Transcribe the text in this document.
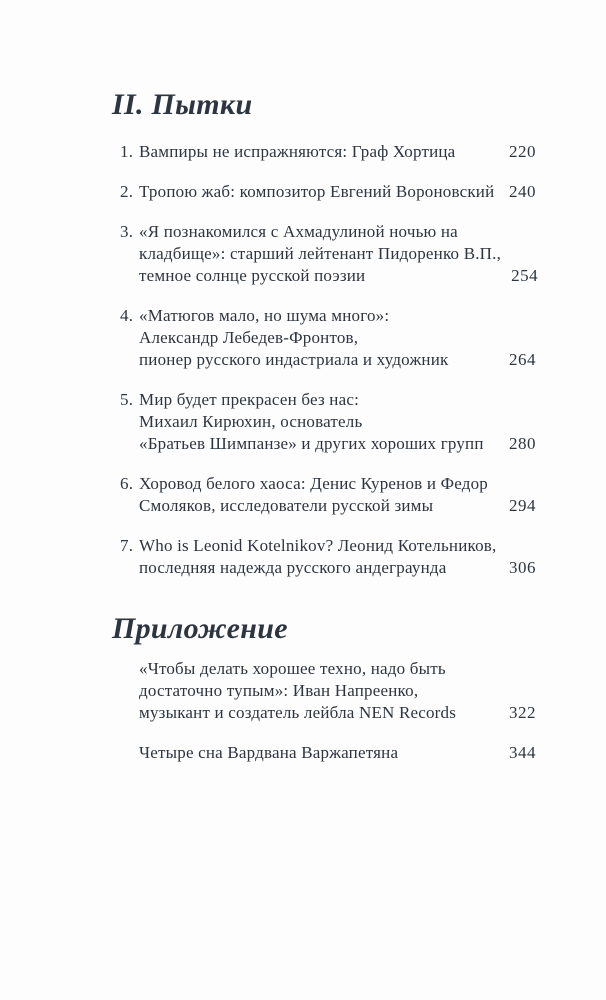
II. Пытки
1. Вампиры не испражняются: Граф Хортица	220
2. Тропою жаб: композитор Евгений Вороновский 240
3. «Я познакомился с Ахмадулиной ночью на
кладбище»: старший лейтенант Пидоренко В.П.,
темное солнце русской поэзии	254
4. «Матюгов мало, но шума много»:
Александр Лебедев-Фронтов,
пионер русского индастриала и художник	264
5. Мир будет прекрасен без нас:
Михаил Кирюхин, основатель
«Братьев Шимпанзе» и других хороших групп 280
6. Хоровод белого хаоса: Денис Куренов и Федор
Смоляков, исследователи русской зимы	294
7. Who is Leonid Kotelnikov? Леонид Котельников,
последняя надежда русского андеграунда	306
Приложение
«Чтобы делать хорошее техно, надо быть
достаточно тупым»: Иван Напреенко,
музыкант и создатель лейбла NEN Records	322
Четыре сна Вардвана Варжапетяна	344
